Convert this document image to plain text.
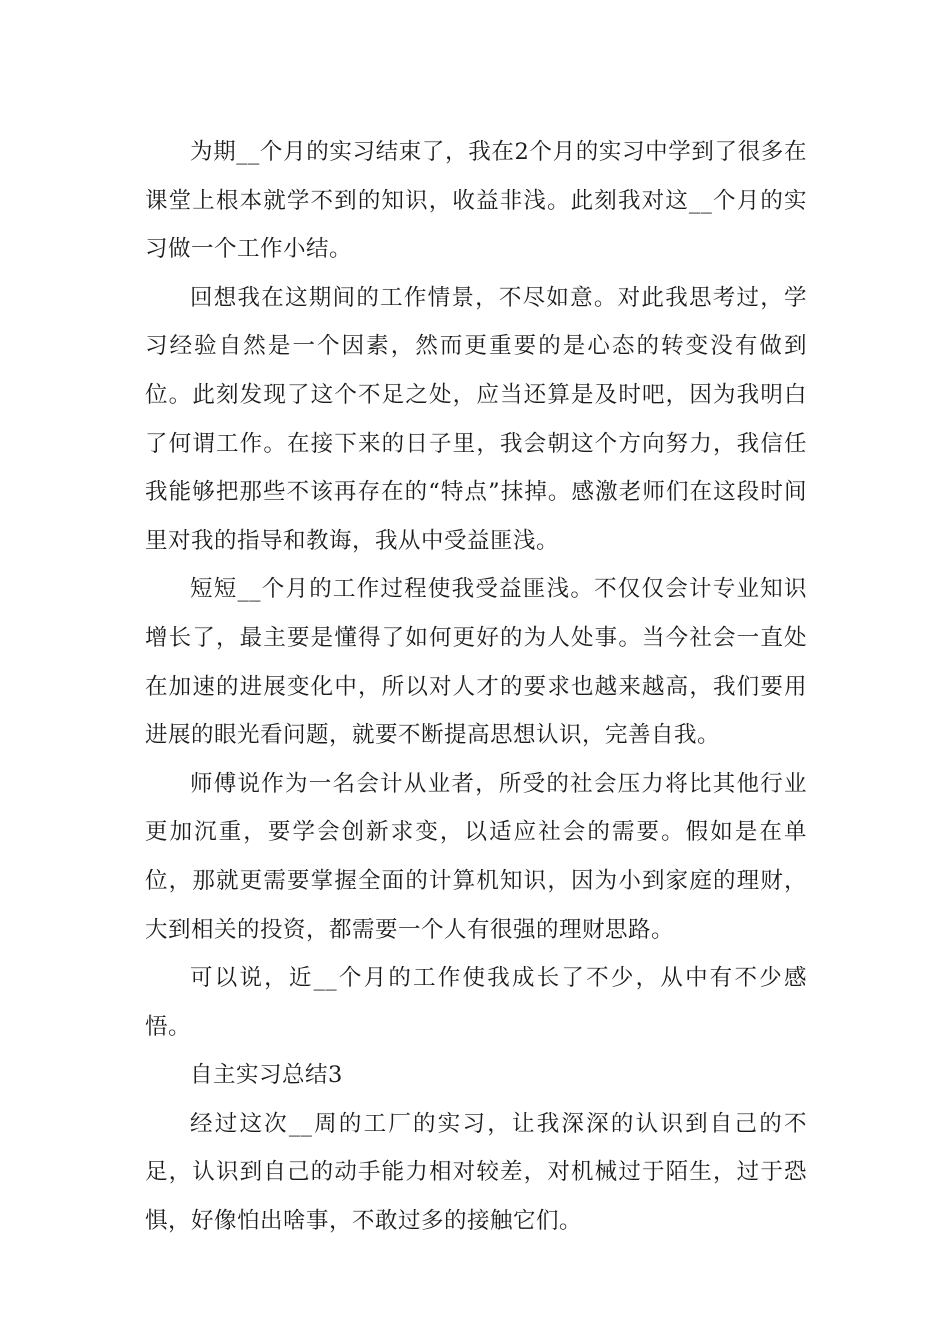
为期__个月的实习结束了，我在2个月的实习中学到了很多在课堂上根本就学不到的知识，收益非浅。此刻我对这__个月的实习做一个工作小结。

回想我在这期间的工作情景，不尽如意。对此我思考过，学习经验自然是一个因素，然而更重要的是心态的转变没有做到位。此刻发现了这个不足之处，应当还算是及时吧，因为我明白了何谓工作。在接下来的日子里，我会朝这个方向努力，我信任我能够把那些不该再存在的“特点”抹掉。感激老师们在这段时间里对我的指导和教诲，我从中受益匪浅。

短短__个月的工作过程使我受益匪浅。不仅仅会计专业知识增长了，最主要是懂得了如何更好的为人处事。当今社会一直处在加速的进展变化中，所以对人才的要求也越来越高，我们要用进展的眼光看问题，就要不断提高思想认识，完善自我。

师傅说作为一名会计从业者，所受的社会压力将比其他行业更加沉重，要学会创新求变，以适应社会的需要。假如是在单位，那就更需要掌握全面的计算机知识，因为小到家庭的理财，大到相关的投资，都需要一个人有很强的理财思路。

可以说，近__个月的工作使我成长了不少，从中有不少感悟。

自主实习总结3

经过这次__周的工厂的实习，让我深深的认识到自己的不足，认识到自己的动手能力相对较差，对机械过于陌生，过于恐惧，好像怕出啥事，不敢过多的接触它们。
